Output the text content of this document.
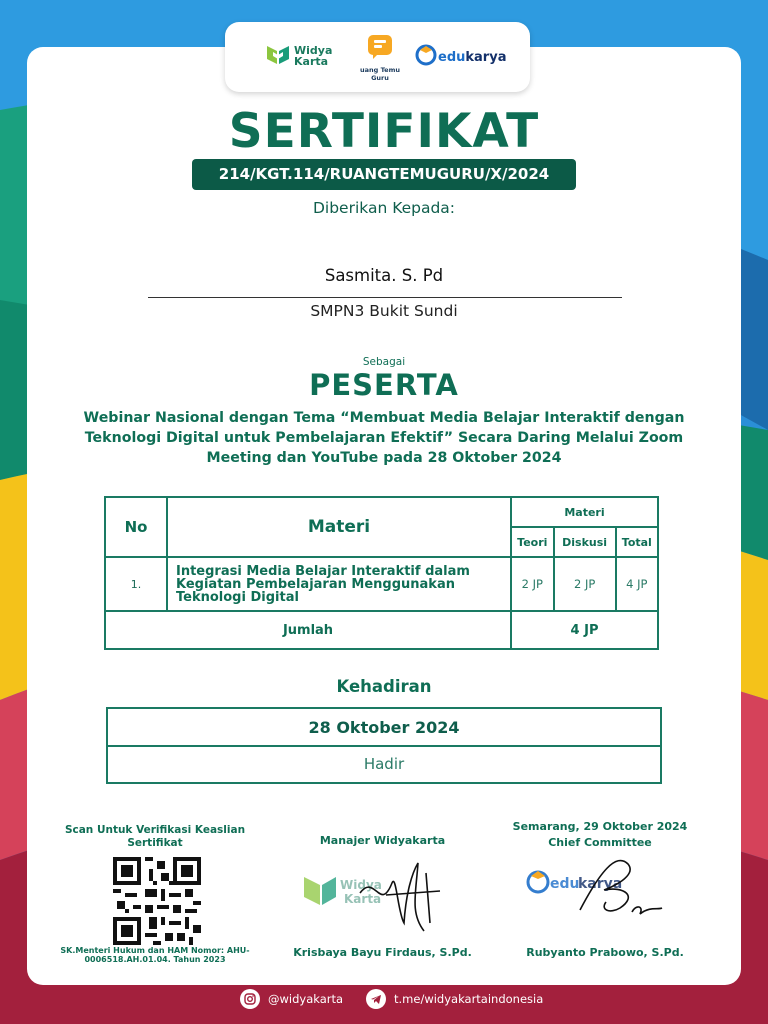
Widya
Karta
uang Temu
Guru
edukarya
SERTIFIKAT
214/KGT.114/RUANGTEMUGURU/X/2024
Diberikan Kepada:
Sasmita. S. Pd
SMPN3 Bukit Sundi
Sebagai
PESERTA
Webinar Nasional dengan Tema “Membuat Media Belajar Interaktif dengan Teknologi Digital untuk Pembelajaran Efektif” Secara Daring Melalui Zoom Meeting dan YouTube pada 28 Oktober 2024
No	Materi	Materi		
		Teori	Diskusi	Total
1.	Integrasi Media Belajar Interaktif dalam Kegiatan Pembelajaran Menggunakan Teknologi Digital	2 JP	2 JP	4 JP
Jumlah		4 JP		
Kehadiran
28 Oktober 2024
Hadir
Scan Untuk Verifikasi Keaslian Sertifikat
SK.Menteri Hukum dan HAM Nomor: AHU-0006518.AH.01.04. Tahun 2023
Manajer Widyakarta
Widya
Karta
Krisbaya Bayu Firdaus, S.Pd.
Semarang, 29 Oktober 2024
Chief Committee
edu
karya
Rubyanto Prabowo, S.Pd.
@widyakarta	t.me/widyakartaindonesia
